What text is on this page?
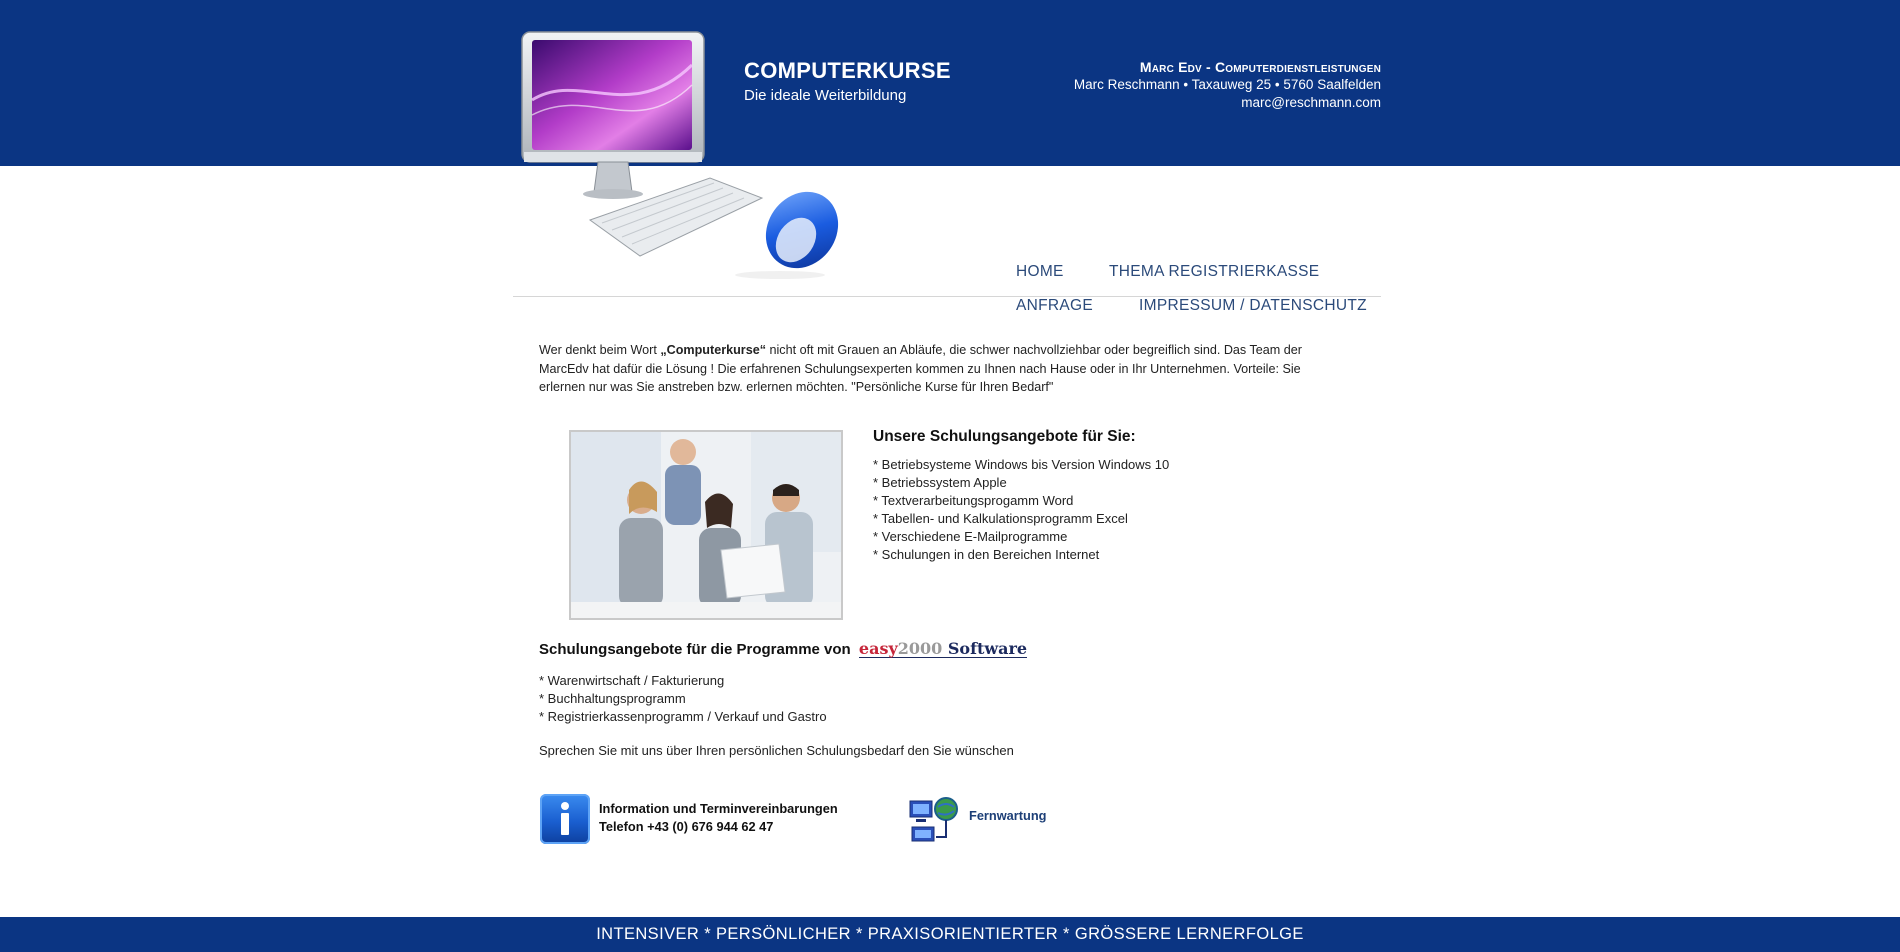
COMPUTERKURSE
Die ideale Weiterbildung
Marc Edv - Computerdienstleistungen
Marc Reschmann • Taxauweg 25 • 5760 Saalfelden
marc@reschmann.com
HOME	THEMA REGISTRIERKASSE
ANFRAGE	IMPRESSUM / DATENSCHUTZ

Wer denkt beim Wort „Computerkurse“ nicht oft mit Grauen an Abläufe, die schwer nachvollziehbar oder begreiflich sind. Das Team der MarcEdv hat dafür die Lösung ! Die erfahrenen Schulungsexperten kommen zu Ihnen nach Hause oder in Ihr Unternehmen. Vorteile: Sie erlernen nur was Sie anstreben bzw. erlernen möchten. "Persönliche Kurse für Ihren Bedarf"

Unsere Schulungsangebote für Sie:
* Betriebsysteme Windows bis Version Windows 10
* Betriebssystem Apple
* Textverarbeitungsprogamm Word
* Tabellen- und Kalkulationsprogramm Excel
* Verschiedene E-Mailprogramme
* Schulungen in den Bereichen Internet
Schulungsangebote für die Programme von easy2000 Software
* Warenwirtschaft / Fakturierung
* Buchhaltungsprogramm
* Registrierkassenprogramm / Verkauf und Gastro

Sprechen Sie mit uns über Ihren persönlichen Schulungsbedarf den Sie wünschen

Information und Terminvereinbarungen
Telefon +43 (0) 676 944 62 47
Fernwartung
INTENSIVER * PERSÖNLICHER * PRAXISORIENTIERTER * GRÖSSERE LERNERFOLGE
